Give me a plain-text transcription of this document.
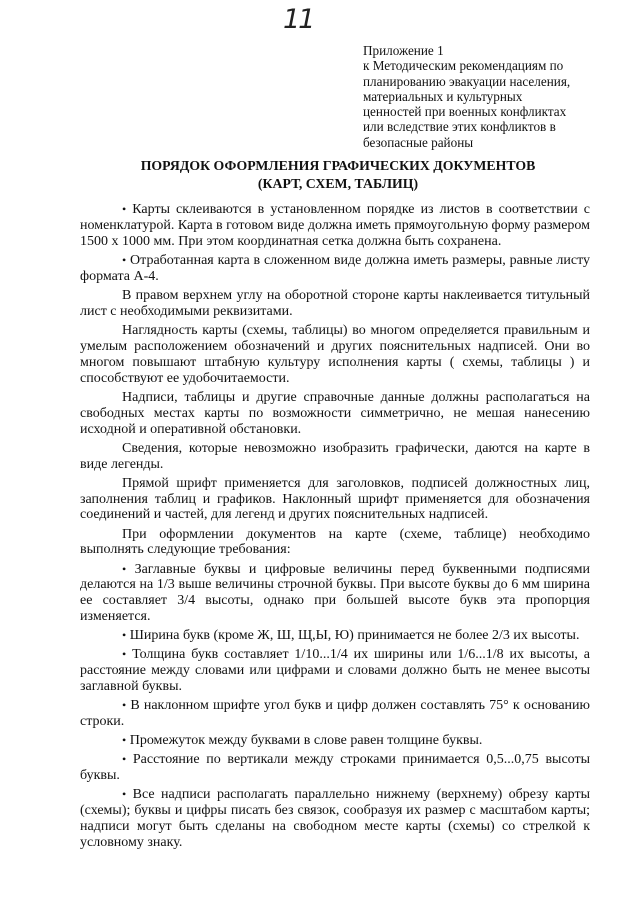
11
Приложение 1
к Методическим рекомендациям по
планированию эвакуации населения,
материальных и культурных
ценностей при военных конфликтах
или вследствие этих конфликтов в
безопасные районы
ПОРЯДОК ОФОРМЛЕНИЯ ГРАФИЧЕСКИХ ДОКУМЕНТОВ
(КАРТ, СХЕМ, ТАБЛИЦ)

• Карты склеиваются в установленном порядке из листов в соответствии с номенклатурой. Карта в готовом виде должна иметь прямоугольную форму размером 1500 х 1000 мм. При этом координатная сетка должна быть сохранена.

• Отработанная карта в сложенном виде должна иметь размеры, равные листу формата А-4.

В правом верхнем углу на оборотной стороне карты наклеивается титульный лист с необходимыми реквизитами.

Наглядность карты (схемы, таблицы) во многом определяется правильным и умелым расположением обозначений и других пояснительных надписей. Они во многом повышают штабную культуру исполнения карты ( схемы, таблицы ) и способствуют ее удобочитаемости.

Надписи, таблицы и другие справочные данные должны располагаться на свободных местах карты по возможности симметрично, не мешая нанесению исходной и оперативной обстановки.

Сведения, которые невозможно изобразить графически, даются на карте в виде легенды.

Прямой шрифт применяется для заголовков, подписей должностных лиц, заполнения таблиц и графиков. Наклонный шрифт применяется для обозначения соединений и частей, для легенд и других пояснительных надписей.

При оформлении документов на карте (схеме, таблице) необходимо выполнять следующие требования:

• Заглавные буквы и цифровые величины перед буквенными подписями делаются на 1/3 выше величины строчной буквы. При высоте буквы до 6 мм ширина ее составляет 3/4 высоты, однако при большей высоте букв эта пропорция изменяется.

• Ширина букв (кроме Ж, Ш, Щ,Ы, Ю) принимается не более 2/3 их высоты.

• Толщина букв составляет 1/10...1/4 их ширины или 1/6...1/8 их высоты, а расстояние между словами или цифрами и словами должно быть не менее высоты заглавной буквы.

• В наклонном шрифте угол букв и цифр должен составлять 75° к основанию строки.

• Промежуток между буквами в слове равен толщине буквы.

• Расстояние по вертикали между строками принимается 0,5...0,75 высоты буквы.

• Все надписи располагать параллельно нижнему (верхнему) обрезу карты (схемы); буквы и цифры писать без связок, сообразуя их размер с масштабом карты; надписи могут быть сделаны на свободном месте карты (схемы) со стрелкой к условному знаку.
